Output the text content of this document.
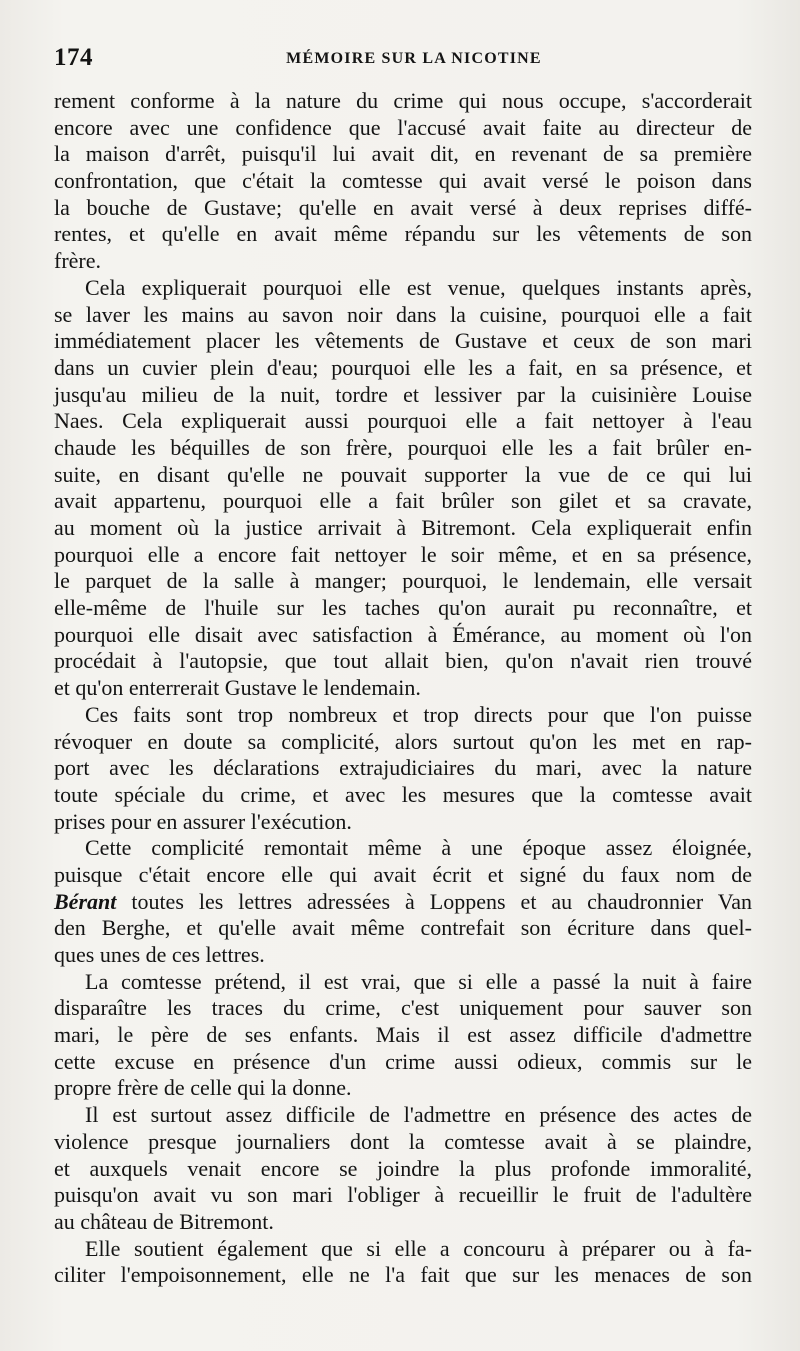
174	MÉMOIRE SUR LA NICOTINE
rement conforme à la nature du crime qui nous occupe, s'accorderait
encore avec une confidence que l'accusé avait faite au directeur de
la maison d'arrêt, puisqu'il lui avait dit, en revenant de sa première
confrontation, que c'était la comtesse qui avait versé le poison dans
la bouche de Gustave; qu'elle en avait versé à deux reprises diffé-
rentes, et qu'elle en avait même répandu sur les vêtements de son
frère.
Cela expliquerait pourquoi elle est venue, quelques instants après,
se laver les mains au savon noir dans la cuisine, pourquoi elle a fait
immédiatement placer les vêtements de Gustave et ceux de son mari
dans un cuvier plein d'eau; pourquoi elle les a fait, en sa présence, et
jusqu'au milieu de la nuit, tordre et lessiver par la cuisinière Louise
Naes. Cela expliquerait aussi pourquoi elle a fait nettoyer à l'eau
chaude les béquilles de son frère, pourquoi elle les a fait brûler en-
suite, en disant qu'elle ne pouvait supporter la vue de ce qui lui
avait appartenu, pourquoi elle a fait brûler son gilet et sa cravate,
au moment où la justice arrivait à Bitremont. Cela expliquerait enfin
pourquoi elle a encore fait nettoyer le soir même, et en sa présence,
le parquet de la salle à manger; pourquoi, le lendemain, elle versait
elle-même de l'huile sur les taches qu'on aurait pu reconnaître, et
pourquoi elle disait avec satisfaction à Émérance, au moment où l'on
procédait à l'autopsie, que tout allait bien, qu'on n'avait rien trouvé
et qu'on enterrerait Gustave le lendemain.
Ces faits sont trop nombreux et trop directs pour que l'on puisse
révoquer en doute sa complicité, alors surtout qu'on les met en rap-
port avec les déclarations extrajudiciaires du mari, avec la nature
toute spéciale du crime, et avec les mesures que la comtesse avait
prises pour en assurer l'exécution.
Cette complicité remontait même à une époque assez éloignée,
puisque c'était encore elle qui avait écrit et signé du faux nom de
Bérant toutes les lettres adressées à Loppens et au chaudronnier Van
den Berghe, et qu'elle avait même contrefait son écriture dans quel-
ques unes de ces lettres.
La comtesse prétend, il est vrai, que si elle a passé la nuit à faire
disparaître les traces du crime, c'est uniquement pour sauver son
mari, le père de ses enfants. Mais il est assez difficile d'admettre
cette excuse en présence d'un crime aussi odieux, commis sur le
propre frère de celle qui la donne.
Il est surtout assez difficile de l'admettre en présence des actes de
violence presque journaliers dont la comtesse avait à se plaindre,
et auxquels venait encore se joindre la plus profonde immoralité,
puisqu'on avait vu son mari l'obliger à recueillir le fruit de l'adultère
au château de Bitremont.
Elle soutient également que si elle a concouru à préparer ou à fa-
ciliter l'empoisonnement, elle ne l'a fait que sur les menaces de son
